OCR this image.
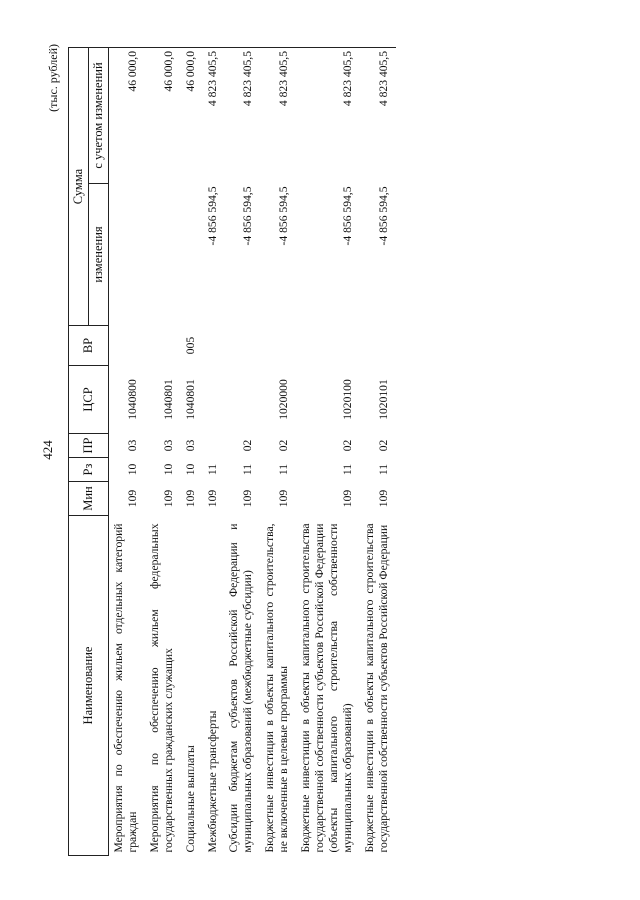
424
(тыс. рублей)
Наименование	Мин	Рз	ПР	ЦСР	ВР	Сумма	
						изменения	с учетом изменений
Мероприятия по обеспечению жильем отдельных категорий граждан	109	10	03	1040800			46 000,0
Мероприятия по обеспечению жильем федеральных государственных гражданских служащих	109	10	03	1040801			46 000,0
Социальные выплаты	109	10	03	1040801	005		46 000,0
Межбюджетные трансферты	109	11				-4 856 594,5	4 823 405,5
Субсидии бюджетам субъектов Российской Федерации и муниципальных образований (межбюджетные субсидии)	109	11	02			-4 856 594,5	4 823 405,5
Бюджетные инвестиции в объекты капитального строительства, не включенные в целевые программы	109	11	02	1020000		-4 856 594,5	4 823 405,5
Бюджетные инвестиции в объекты капитального строительства государственной собственности субъектов Российской Федерации (объекты капитального строительства собственности муниципальных образований)	109	11	02	1020100		-4 856 594,5	4 823 405,5
Бюджетные инвестиции в объекты капитального строительства государственной собственности субъектов Российской Федерации	109	11	02	1020101		-4 856 594,5	4 823 405,5
